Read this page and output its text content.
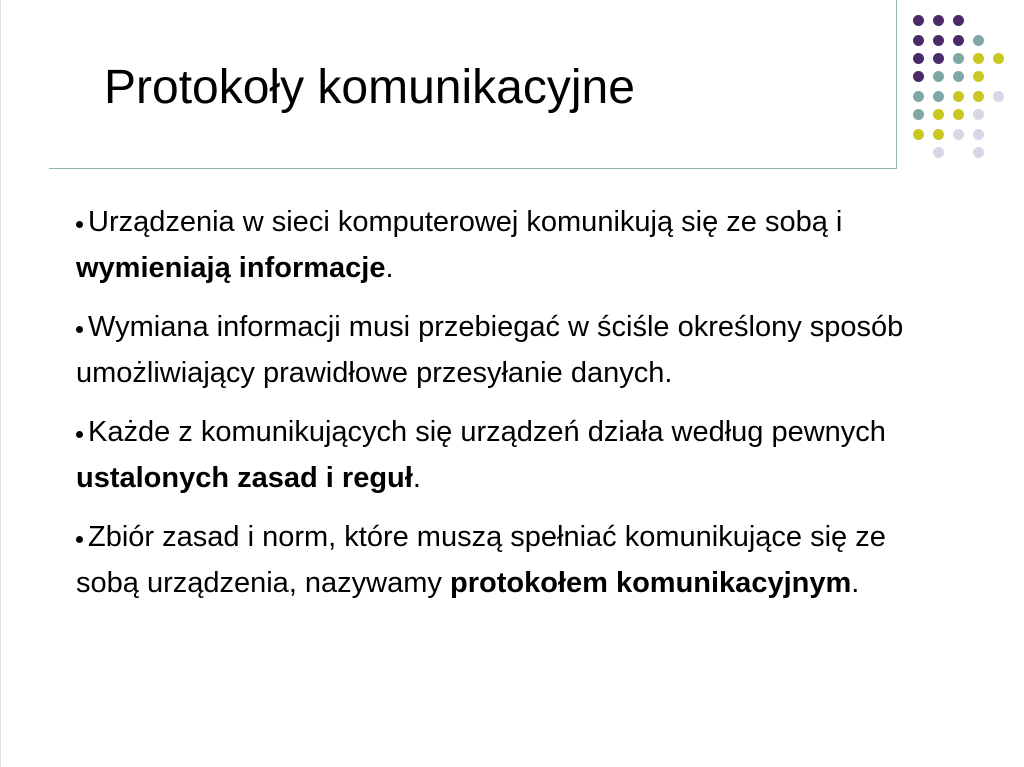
Protokoły komunikacyjne
Urządzenia w sieci komputerowej komunikują się ze sobą i wymieniają informacje.
Wymiana informacji musi przebiegać w ściśle określony sposób umożliwiający prawidłowe przesyłanie danych.
Każde z komunikujących się urządzeń działa według pewnych ustalonych zasad i reguł.
Zbiór zasad i norm, które muszą spełniać komunikujące się ze sobą urządzenia, nazywamy protokołem komunikacyjnym.
